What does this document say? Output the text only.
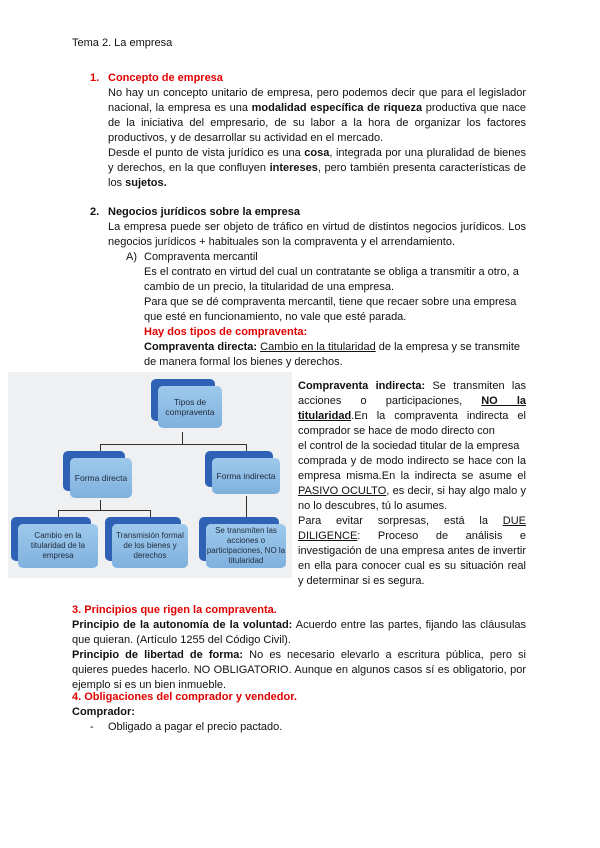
Tema 2. La empresa
1. Concepto de empresa
No hay un concepto unitario de empresa, pero podemos decir que para el legislador
nacional, la empresa es una modalidad específica de riqueza productiva que nace
de la iniciativa del empresario, de su labor a la hora de organizar los factores
productivos, y de desarrollar su actividad en el mercado.
Desde el punto de vista jurídico es una cosa, integrada por una pluralidad de bienes
y derechos, en la que confluyen intereses, pero también presenta características de
los sujetos.
2. Negocios jurídicos sobre la empresa
La empresa puede ser objeto de tráfico en virtud de distintos negocios jurídicos. Los
negocios jurídicos + habituales son la compraventa y el arrendamiento.
A) Compraventa mercantil
Es el contrato en virtud del cual un contratante se obliga a transmitir a otro, a
cambio de un precio, la titularidad de una empresa.
Para que se dé compraventa mercantil, tiene que recaer sobre una empresa
que esté en funcionamiento, no vale que esté parada.
Hay dos tipos de compraventa:
Compraventa directa: Cambio en la titularidad de la empresa y se transmite
de manera formal los bienes y derechos.
Tipos de compraventa
Forma directa	Forma indirecta
Cambio en la titularidad de la empresa
Transmisión formal de los bienes y derechos
Se transmiten las acciones o participaciones, NO la titularidad
Compraventa indirecta: Se transmiten las
acciones o participaciones, NO la
titularidad.En la compraventa indirecta el
comprador se hace de modo directo con
el control de la sociedad titular de la empresa
comprada y de modo indirecto se hace con la
empresa misma.En la indirecta se asume el
PASIVO OCULTO, es decir, si hay algo malo y
no lo descubres, tú lo asumes.
Para evitar sorpresas, está la DUE
DILIGENCE: Proceso de análisis e
investigación de una empresa antes de invertir
en ella para conocer cual es su situación real
y determinar si es segura.
3. Principios que rigen la compraventa.
Principio de la autonomía de la voluntad: Acuerdo entre las partes, fijando las cláusulas
que quieran. (Artículo 1255 del Código Civil).
Principio de libertad de forma: No es necesario elevarlo a escritura pública, pero si
quieres puedes hacerlo. NO OBLIGATORIO. Aunque en algunos casos sí es obligatorio, por
ejemplo si es un bien inmueble.
4. Obligaciones del comprador y vendedor.
Comprador:
- Obligado a pagar el precio pactado.
